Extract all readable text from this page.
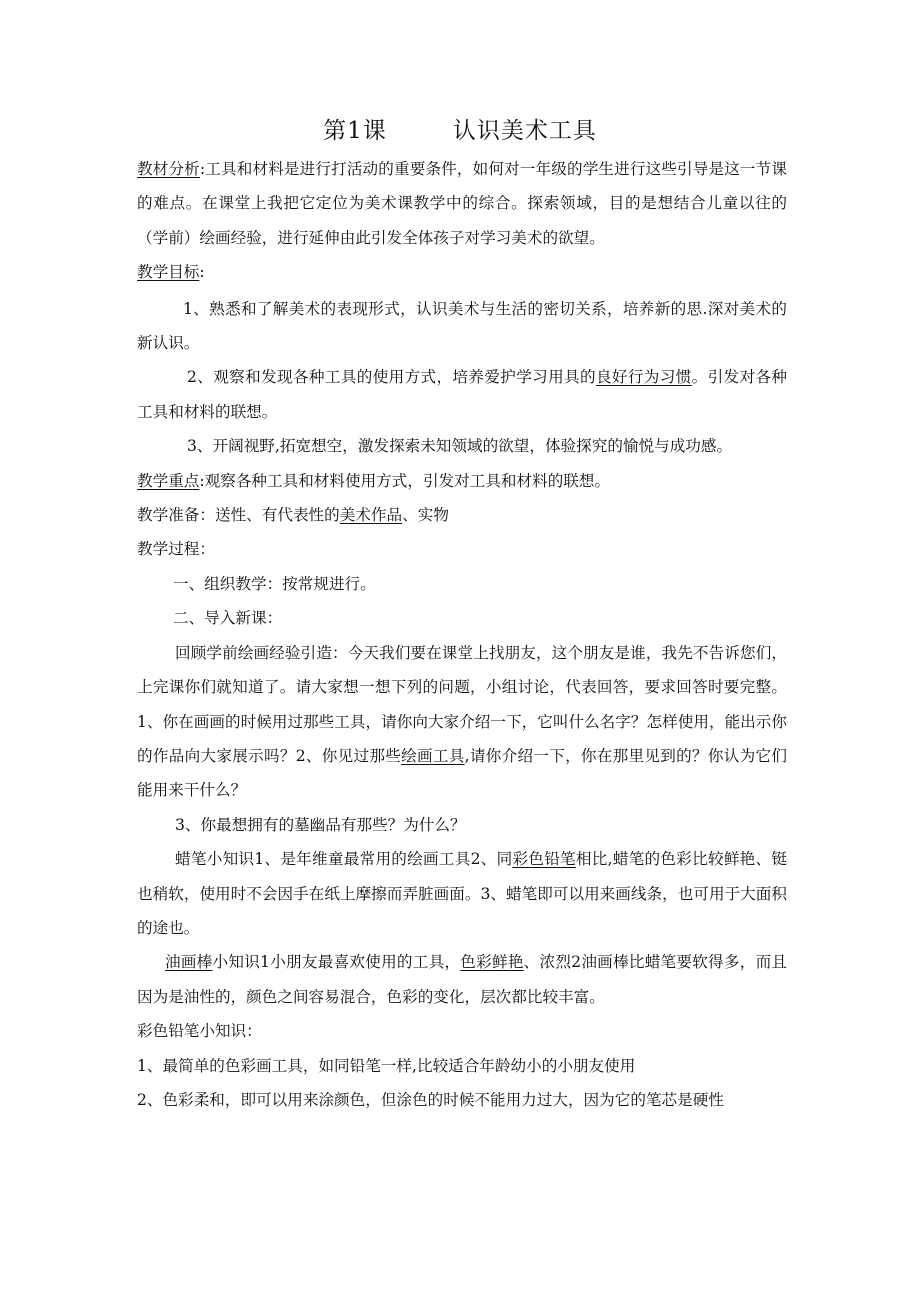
第1课	认识美术工具

教材分析:工具和材料是进行打活动的重要条件，如何对一年级的学生进行这些引导是这一节课的难点。在课堂上我把它定位为美术课教学中的综合。探索领域，目的是想结合儿童以往的（学前）绘画经验，进行延伸由此引发全体孩子对学习美术的欲望。

教学目标:

1、熟悉和了解美术的表现形式，认识美术与生活的密切关系，培养新的思.深对美术的新认识。

2、观察和发现各种工具的使用方式，培养爱护学习用具的良好行为习惯。引发对各种工具和材料的联想。

3、开阔视野,拓宽想空，激发探索未知领域的欲望，体验探究的愉悦与成功感。

教学重点:观察各种工具和材料使用方式，引发对工具和材料的联想。

教学准备：送性、有代表性的美术作品、实物

教学过程：

一、组织教学：按常规进行。

二、导入新课：

回顾学前绘画经验引造：今天我们要在课堂上找朋友，这个朋友是谁，我先不告诉您们，上完课你们就知道了。请大家想一想下列的问题，小组讨论，代表回答，要求回答时要完整。1、你在画画的时候用过那些工具，请你向大家介绍一下，它叫什么名字？怎样使用，能出示你的作品向大家展示吗？2、你见过那些绘画工具,请你介绍一下，你在那里见到的？你认为它们能用来干什么？

3、你最想拥有的墓幽品有那些？为什么？

蜡笔小知识1、是年维童最常用的绘画工具2、同彩色铅笔相比,蜡笔的色彩比较鲜艳、铤也稍软，使用时不会因手在纸上摩擦而弄脏画面。3、蜡笔即可以用来画线条，也可用于大面积的途也。

油画棒小知识1小朋友最喜欢使用的工具，色彩鲜艳、浓烈2油画棒比蜡笔要软得多，而且因为是油性的，颜色之间容易混合，色彩的变化，层次都比较丰富。

彩色铅笔小知识：

1、最简单的色彩画工具，如同铅笔一样,比较适合年龄幼小的小朋友使用

2、色彩柔和，即可以用来涂颜色，但涂色的时候不能用力过大，因为它的笔芯是硬性
